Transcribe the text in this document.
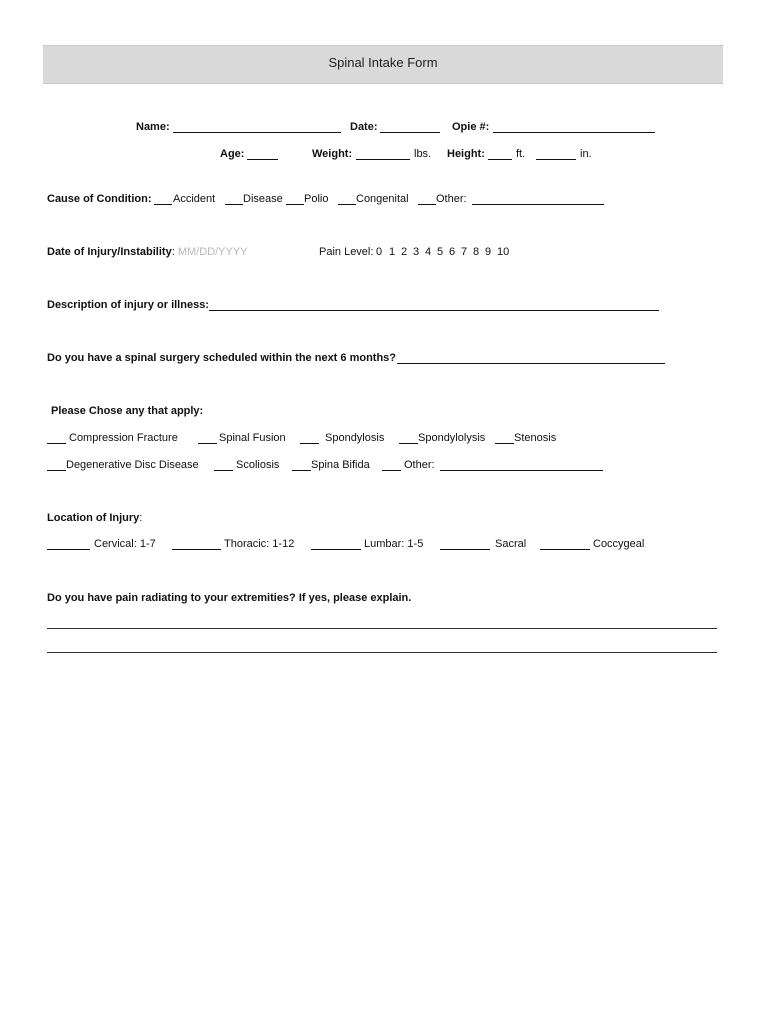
Spinal Intake Form
Name:	Date:	Opie #:
Age:	Weight:	lbs. Height:	ft.	in.
Cause of Condition: Accident	Disease Polio	Congenital Other:
Date of Injury/Instability: MM/DD/YYYY	Pain Level: 0 1 2 3 4 5 6 7 8 9 10
Description of injury or illness:
Do you have a spinal surgery scheduled within the next 6 months?
Please Chose any that apply:
Compression Fracture	Spinal Fusion	Spondylosis	Spondylolysis	Stenosis
Degenerative Disc Disease	Scoliosis	Spina Bifida	Other:
Location of Injury:
Cervical: 1-7	Thoracic: 1-12	Lumbar: 1-5	Sacral	Coccygeal
Do you have pain radiating to your extremities? If yes, please explain.
